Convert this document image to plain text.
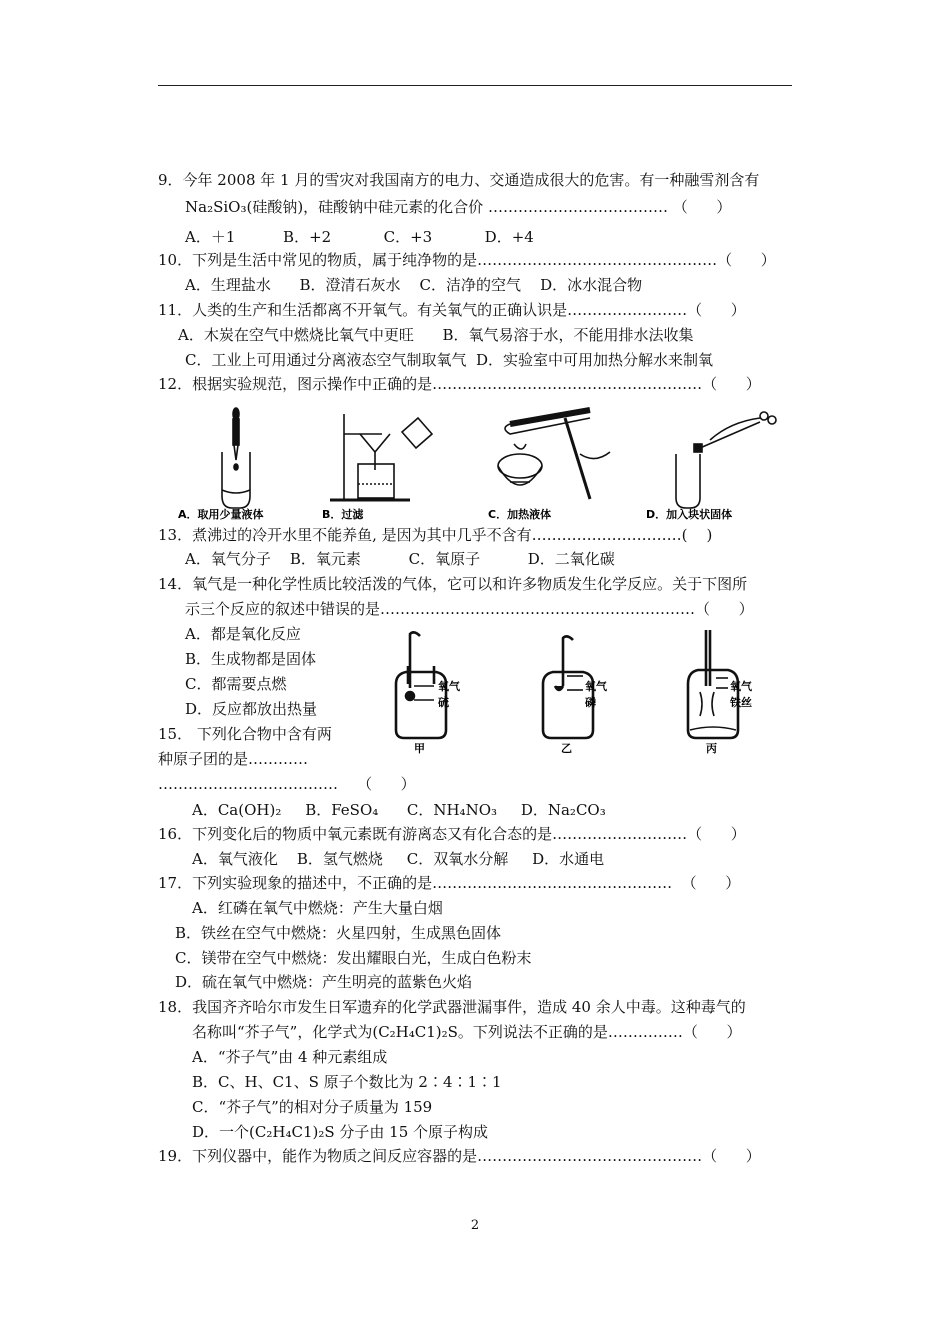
9．今年 2008 年 1 月的雪灾对我国南方的电力、交通造成很大的危害。有一种融雪剂含有
Na₂SiO₃(硅酸钠)，硅酸钠中硅元素的化合价 ……………………………… （      ）
A．＋1          B．+2           C．+3           D．+4
10．下列是生活中常见的物质，属于纯净物的是…………………………………………（      ）
A．生理盐水      B．澄清石灰水    C．洁净的空气    D．冰水混合物
11．人类的生产和生活都离不开氧气。有关氧气的正确认识是……………………（      ）
A．木炭在空气中燃烧比氧气中更旺      B．氧气易溶于水，不能用排水法收集
C．工业上可用通过分离液态空气制取氧气  D．实验室中可用加热分解水来制氧
12．根据实验规范，图示操作中正确的是………………………………………………（      ）
13．煮沸过的冷开水里不能养鱼, 是因为其中几乎不含有…………………………(    )
A．氧气分子    B．氧元素          C．氧原子          D．二氧化碳
14．氧气是一种化学性质比较活泼的气体，它可以和许多物质发生化学反应。关于下图所
示三个反应的叙述中错误的是………………………………………………………（      ）
A．都是氧化反应
B．生成物都是固体
C．都需要点燃
D．反应都放出热量
15． 下列化合物中含有两
种原子团的是…………
………………………………    （      ）
A．Ca(OH)₂     B．FeSO₄      C．NH₄NO₃     D．Na₂CO₃
16．下列变化后的物质中氧元素既有游离态又有化合态的是………………………（      ）
A．氧气液化    B．氢气燃烧     C．双氧水分解     D．水通电
17．下列实验现象的描述中，不正确的是…………………………………………  （      ）
A．红磷在氧气中燃烧：产生大量白烟
B．铁丝在空气中燃烧：火星四射，生成黑色固体
C．镁带在空气中燃烧：发出耀眼白光，生成白色粉末
D．硫在氧气中燃烧：产生明亮的蓝紫色火焰
18．我国齐齐哈尔市发生日军遗弃的化学武器泄漏事件，造成 40 余人中毒。这种毒气的
名称叫“芥子气”，化学式为(C₂H₄C1)₂S。下列说法不正确的是……………（      ）
A．“芥子气”由 4 种元素组成
B．C、H、C1、S 原子个数比为 2∶4∶1∶1
C．“芥子气”的相对分子质量为 159
D．一个(C₂H₄C1)₂S 分子由 15 个原子构成
19．下列仪器中，能作为物质之间反应容器的是………………………………………（      ）
A．取用少量液体	B．过滤	C．加热液体	D．加入块状固体
氧气
硫
甲
氧气
磷
乙
氧气
铁丝
丙
2
